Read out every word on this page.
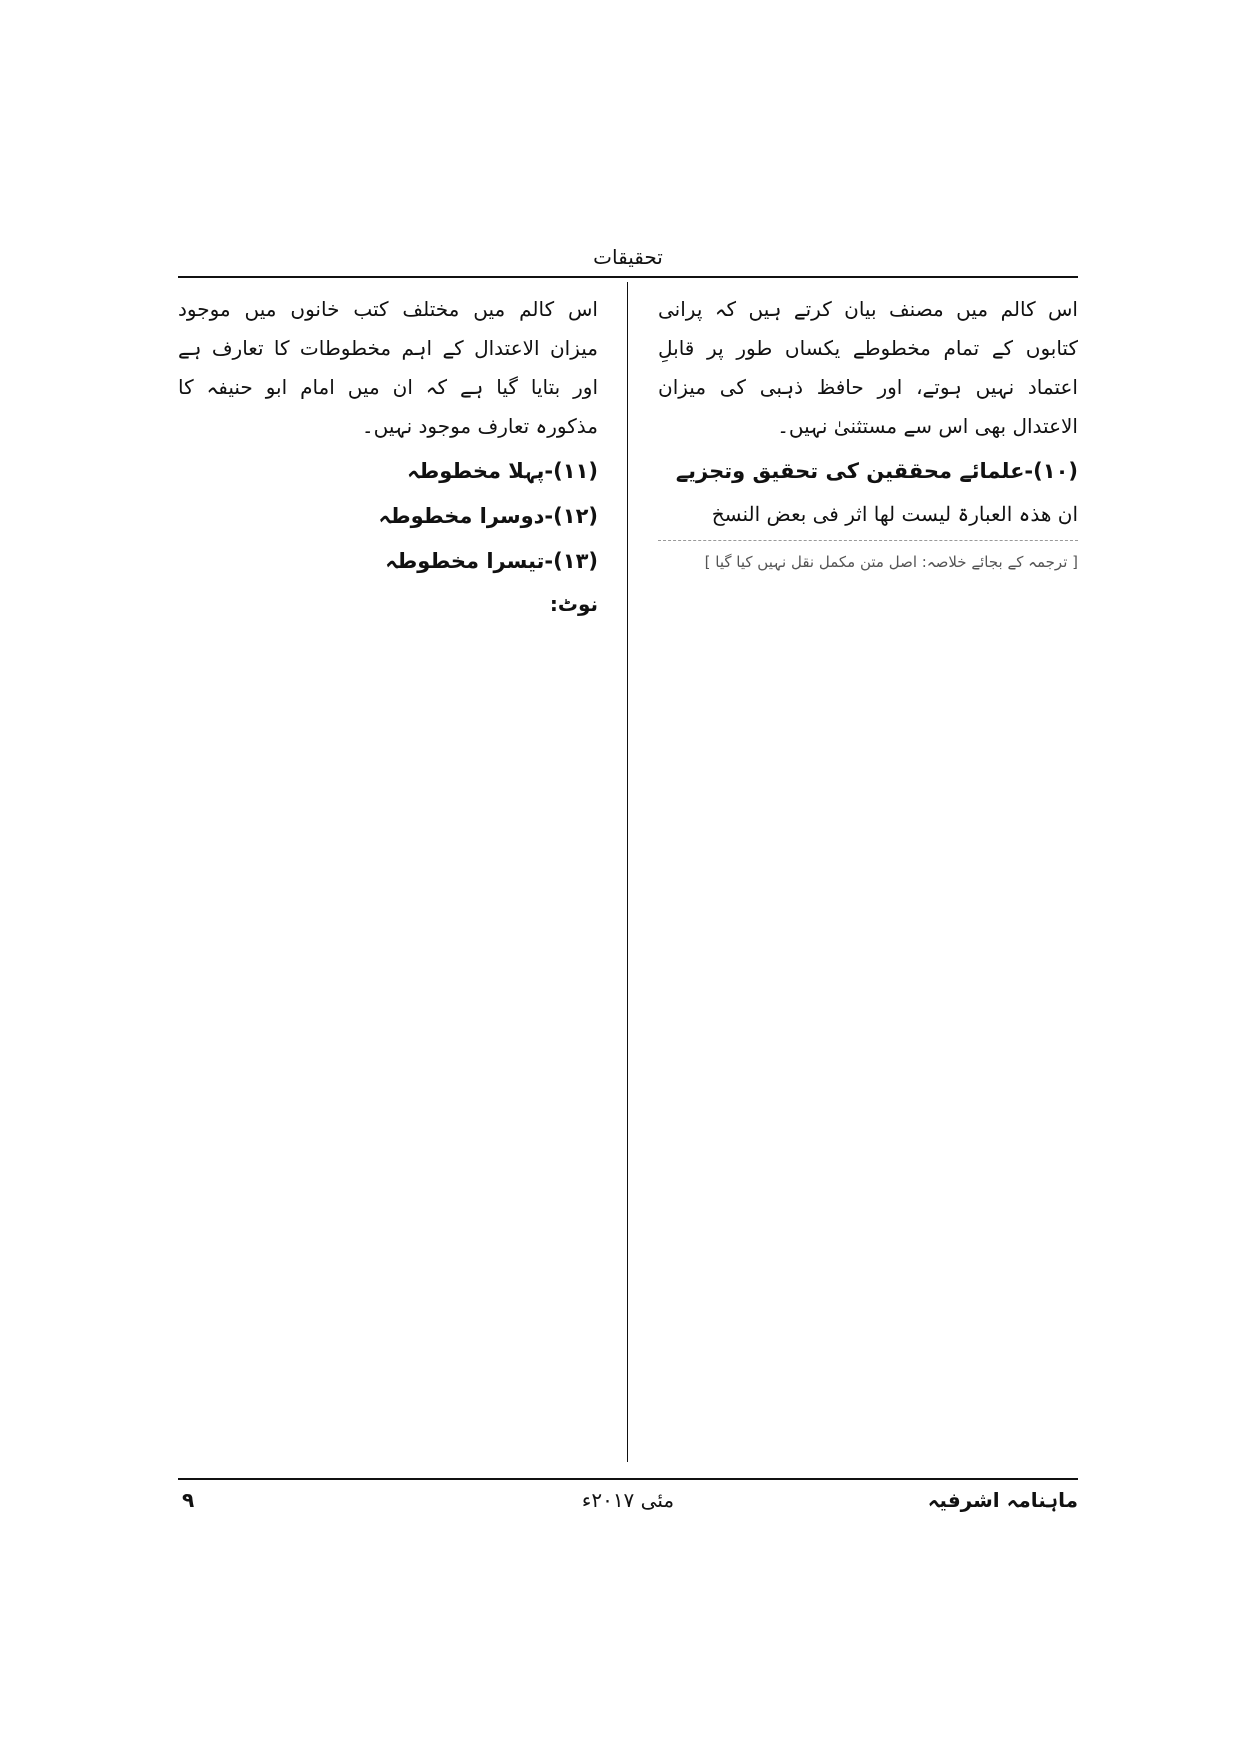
تحقیقات

اس کالم میں مصنف بیان کرتے ہیں کہ پرانی کتابوں کے تمام مخطوطے یکساں طور پر قابلِ اعتماد نہیں ہوتے، اور حافظ ذہبی کی میزان الاعتدال بھی اس سے مستثنیٰ نہیں۔

(۱۰)-علمائے محققین کی تحقیق وتجزیے

ان ھذہ العبارۃ لیست لھا اثر فی بعض النسخ

[ ترجمہ کے بجائے خلاصہ: اصل متن مکمل نقل نہیں کیا گیا ]

اس کالم میں مختلف کتب خانوں میں موجود میزان الاعتدال کے اہم مخطوطات کا تعارف ہے اور بتایا گیا ہے کہ ان میں امام ابو حنیفہ کا مذکورہ تعارف موجود نہیں۔

(۱۱)-پہلا مخطوطہ
(۱۲)-دوسرا مخطوطہ
(۱۳)-تیسرا مخطوطہ

نوٹ:

ماہنامہ اشرفیہ
مئی ۲۰۱۷ء
۹
